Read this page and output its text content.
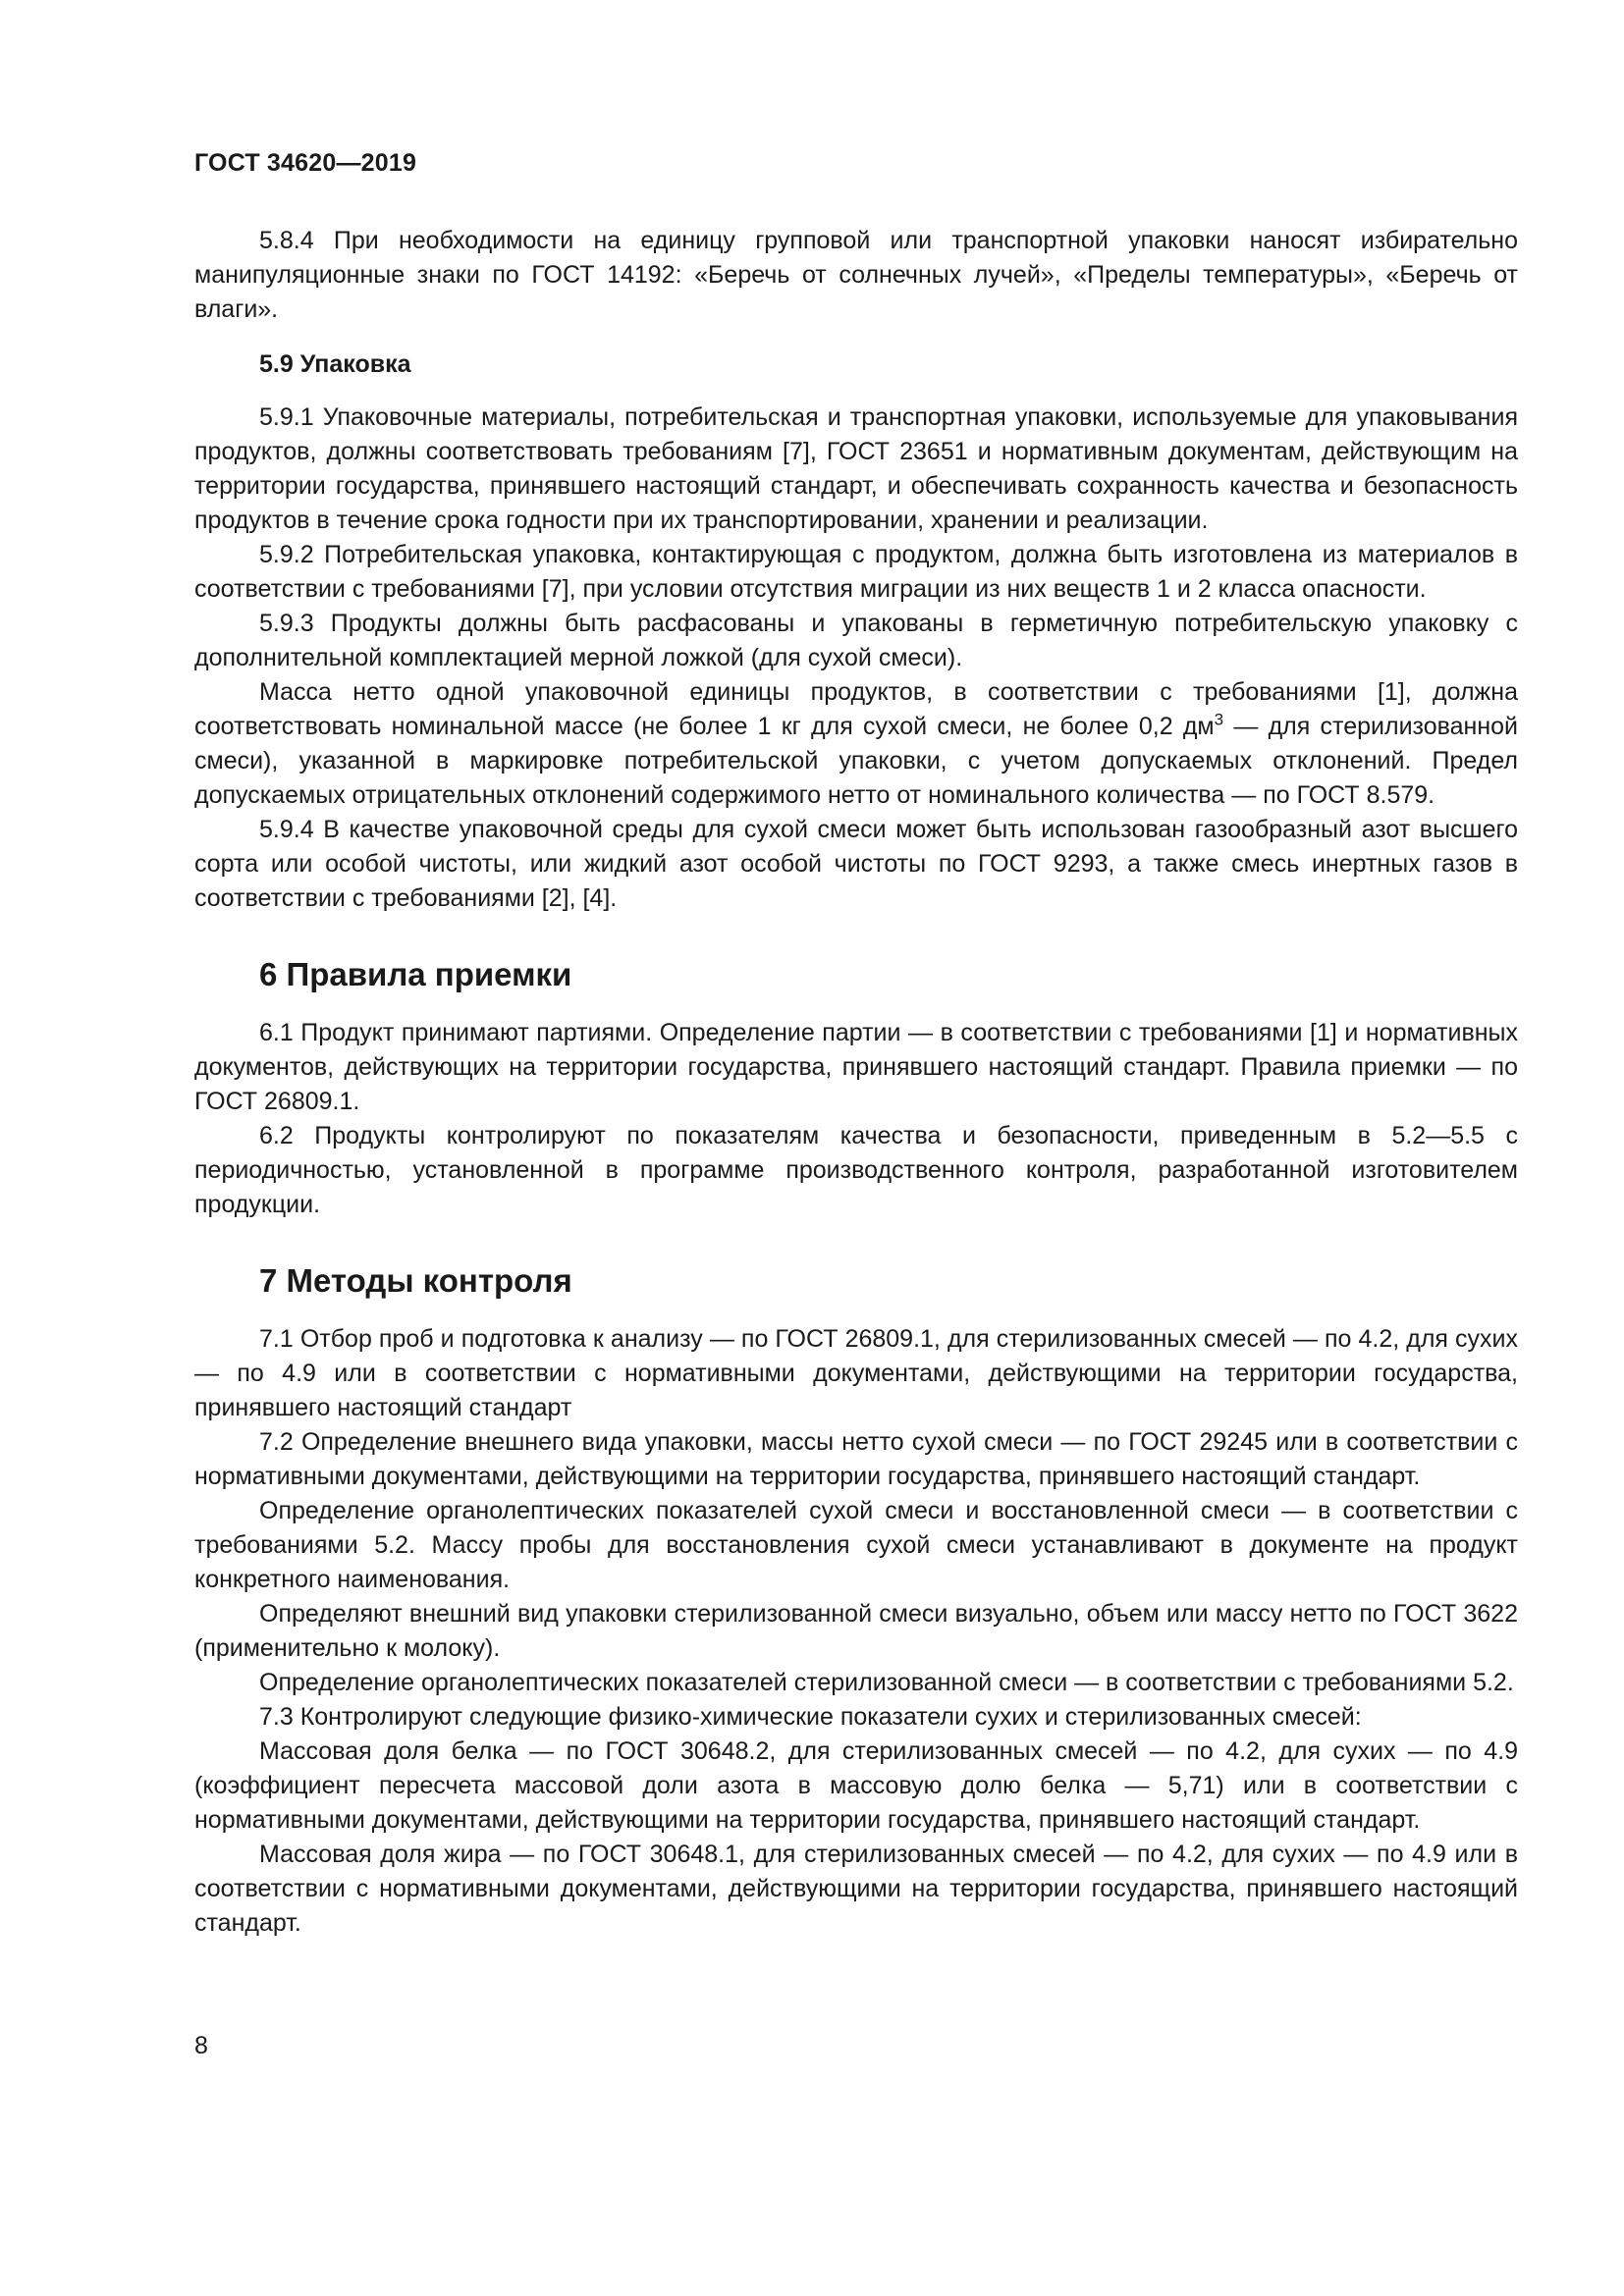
ГОСТ 34620—2019

5.8.4 При необходимости на единицу групповой или транспортной упаковки наносят избирательно манипуляционные знаки по ГОСТ 14192: «Беречь от солнечных лучей», «Пределы температуры», «Беречь от влаги».

5.9 Упаковка

5.9.1 Упаковочные материалы, потребительская и транспортная упаковки, используемые для упаковывания продуктов, должны соответствовать требованиям [7], ГОСТ 23651 и нормативным документам, действующим на территории государства, принявшего настоящий стандарт, и обеспечивать сохранность качества и безопасность продуктов в течение срока годности при их транспортировании, хранении и реализации.

5.9.2 Потребительская упаковка, контактирующая с продуктом, должна быть изготовлена из материалов в соответствии с требованиями [7], при условии отсутствия миграции из них веществ 1 и 2 класса опасности.

5.9.3 Продукты должны быть расфасованы и упакованы в герметичную потребительскую упаковку с дополнительной комплектацией мерной ложкой (для сухой смеси).

Масса нетто одной упаковочной единицы продуктов, в соответствии с требованиями [1], должна соответствовать номинальной массе (не более 1 кг для сухой смеси, не более 0,2 $дм^3$ — для стерилизованной смеси), указанной в маркировке потребительской упаковки, с учетом допускаемых отклонений. Предел допускаемых отрицательных отклонений содержимого нетто от номинального количества — по ГОСТ 8.579.

5.9.4 В качестве упаковочной среды для сухой смеси может быть использован газообразный азот высшего сорта или особой чистоты, или жидкий азот особой чистоты по ГОСТ 9293, а также смесь инертных газов в соответствии с требованиями [2], [4].

6 Правила приемки

6.1 Продукт принимают партиями. Определение партии — в соответствии с требованиями [1] и нормативных документов, действующих на территории государства, принявшего настоящий стандарт. Правила приемки — по ГОСТ 26809.1.

6.2 Продукты контролируют по показателям качества и безопасности, приведенным в 5.2—5.5 с периодичностью, установленной в программе производственного контроля, разработанной изготовителем продукции.

7 Методы контроля

7.1 Отбор проб и подготовка к анализу — по ГОСТ 26809.1, для стерилизованных смесей — по 4.2, для сухих — по 4.9 или в соответствии с нормативными документами, действующими на территории государства, принявшего настоящий стандарт

7.2 Определение внешнего вида упаковки, массы нетто сухой смеси — по ГОСТ 29245 или в соответствии с нормативными документами, действующими на территории государства, принявшего настоящий стандарт.

Определение органолептических показателей сухой смеси и восстановленной смеси — в соответствии с требованиями 5.2. Массу пробы для восстановления сухой смеси устанавливают в документе на продукт конкретного наименования.

Определяют внешний вид упаковки стерилизованной смеси визуально, объем или массу нетто по ГОСТ 3622 (применительно к молоку).

Определение органолептических показателей стерилизованной смеси — в соответствии с требованиями 5.2.

7.3 Контролируют следующие физико-химические показатели сухих и стерилизованных смесей:

Массовая доля белка — по ГОСТ 30648.2, для стерилизованных смесей — по 4.2, для сухих — по 4.9 (коэффициент пересчета массовой доли азота в массовую долю белка — 5,71) или в соответствии с нормативными документами, действующими на территории государства, принявшего настоящий стандарт.

Массовая доля жира — по ГОСТ 30648.1, для стерилизованных смесей — по 4.2, для сухих — по 4.9 или в соответствии с нормативными документами, действующими на территории государства, принявшего настоящий стандарт.

8
